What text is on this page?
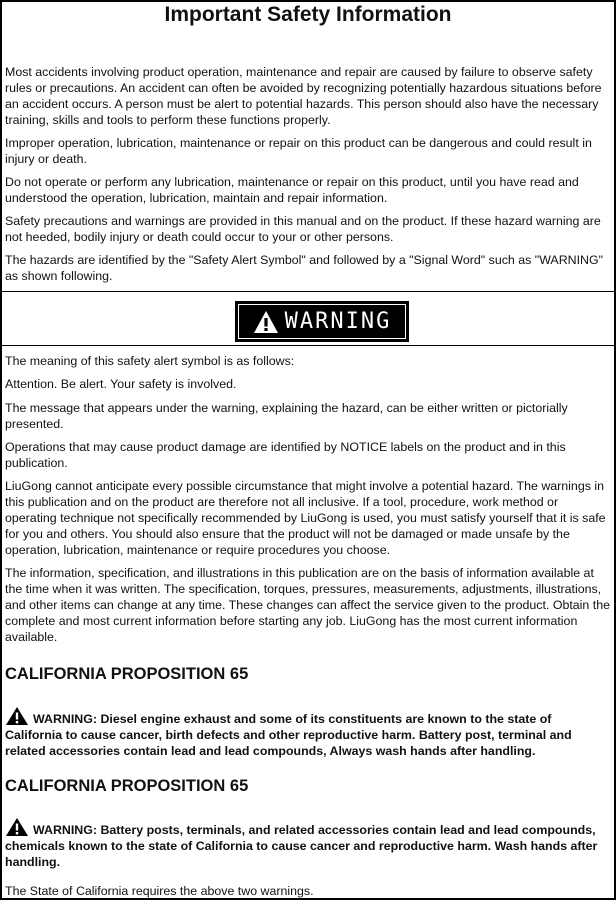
Important Safety Information

Most accidents involving product operation, maintenance and repair are caused by failure to observe safety rules or precautions. An accident can often be avoided by recognizing potentially hazardous situations before an accident occurs. A person must be alert to potential hazards. This person should also have the necessary training, skills and tools to perform these functions properly.

Improper operation, lubrication, maintenance or repair on this product can be dangerous and could result in injury or death.

Do not operate or perform any lubrication, maintenance or repair on this product, until you have read and understood the operation, lubrication, maintain and repair information.

Safety precautions and warnings are provided in this manual and on the product. If these hazard warning are not heeded, bodily injury or death could occur to your or other persons.

The hazards are identified by the "Safety Alert Symbol" and followed by a "Signal Word" such as "WARNING" as shown following.

WARNING

The meaning of this safety alert symbol is as follows:

Attention. Be alert. Your safety is involved.

The message that appears under the warning, explaining the hazard, can be either written or pictorially presented.

Operations that may cause product damage are identified by NOTICE labels on the product and in this publication.

LiuGong cannot anticipate every possible circumstance that might involve a potential hazard. The warnings in this publication and on the product are therefore not all inclusive. If a tool, procedure, work method or operating technique not specifically recommended by LiuGong is used, you must satisfy yourself that it is safe for you and others. You should also ensure that the product will not be damaged or made unsafe by the operation, lubrication, maintenance or require procedures you choose.

The information, specification, and illustrations in this publication are on the basis of information available at the time when it was written. The specification, torques, pressures, measurements, adjustments, illustrations, and other items can change at any time. These changes can affect the service given to the product. Obtain the complete and most current information before starting any job. LiuGong has the most current information available.

CALIFORNIA PROPOSITION 65

WARNING: Diesel engine exhaust and some of its constituents are known to the state of California to cause cancer, birth defects and other reproductive harm. Battery post, terminal and related accessories contain lead and lead compounds, Always wash hands after handling.

CALIFORNIA PROPOSITION 65

WARNING: Battery posts, terminals, and related accessories contain lead and lead compounds, chemicals known to the state of California to cause cancer and reproductive harm. Wash hands after handling.

The State of California requires the above two warnings.
